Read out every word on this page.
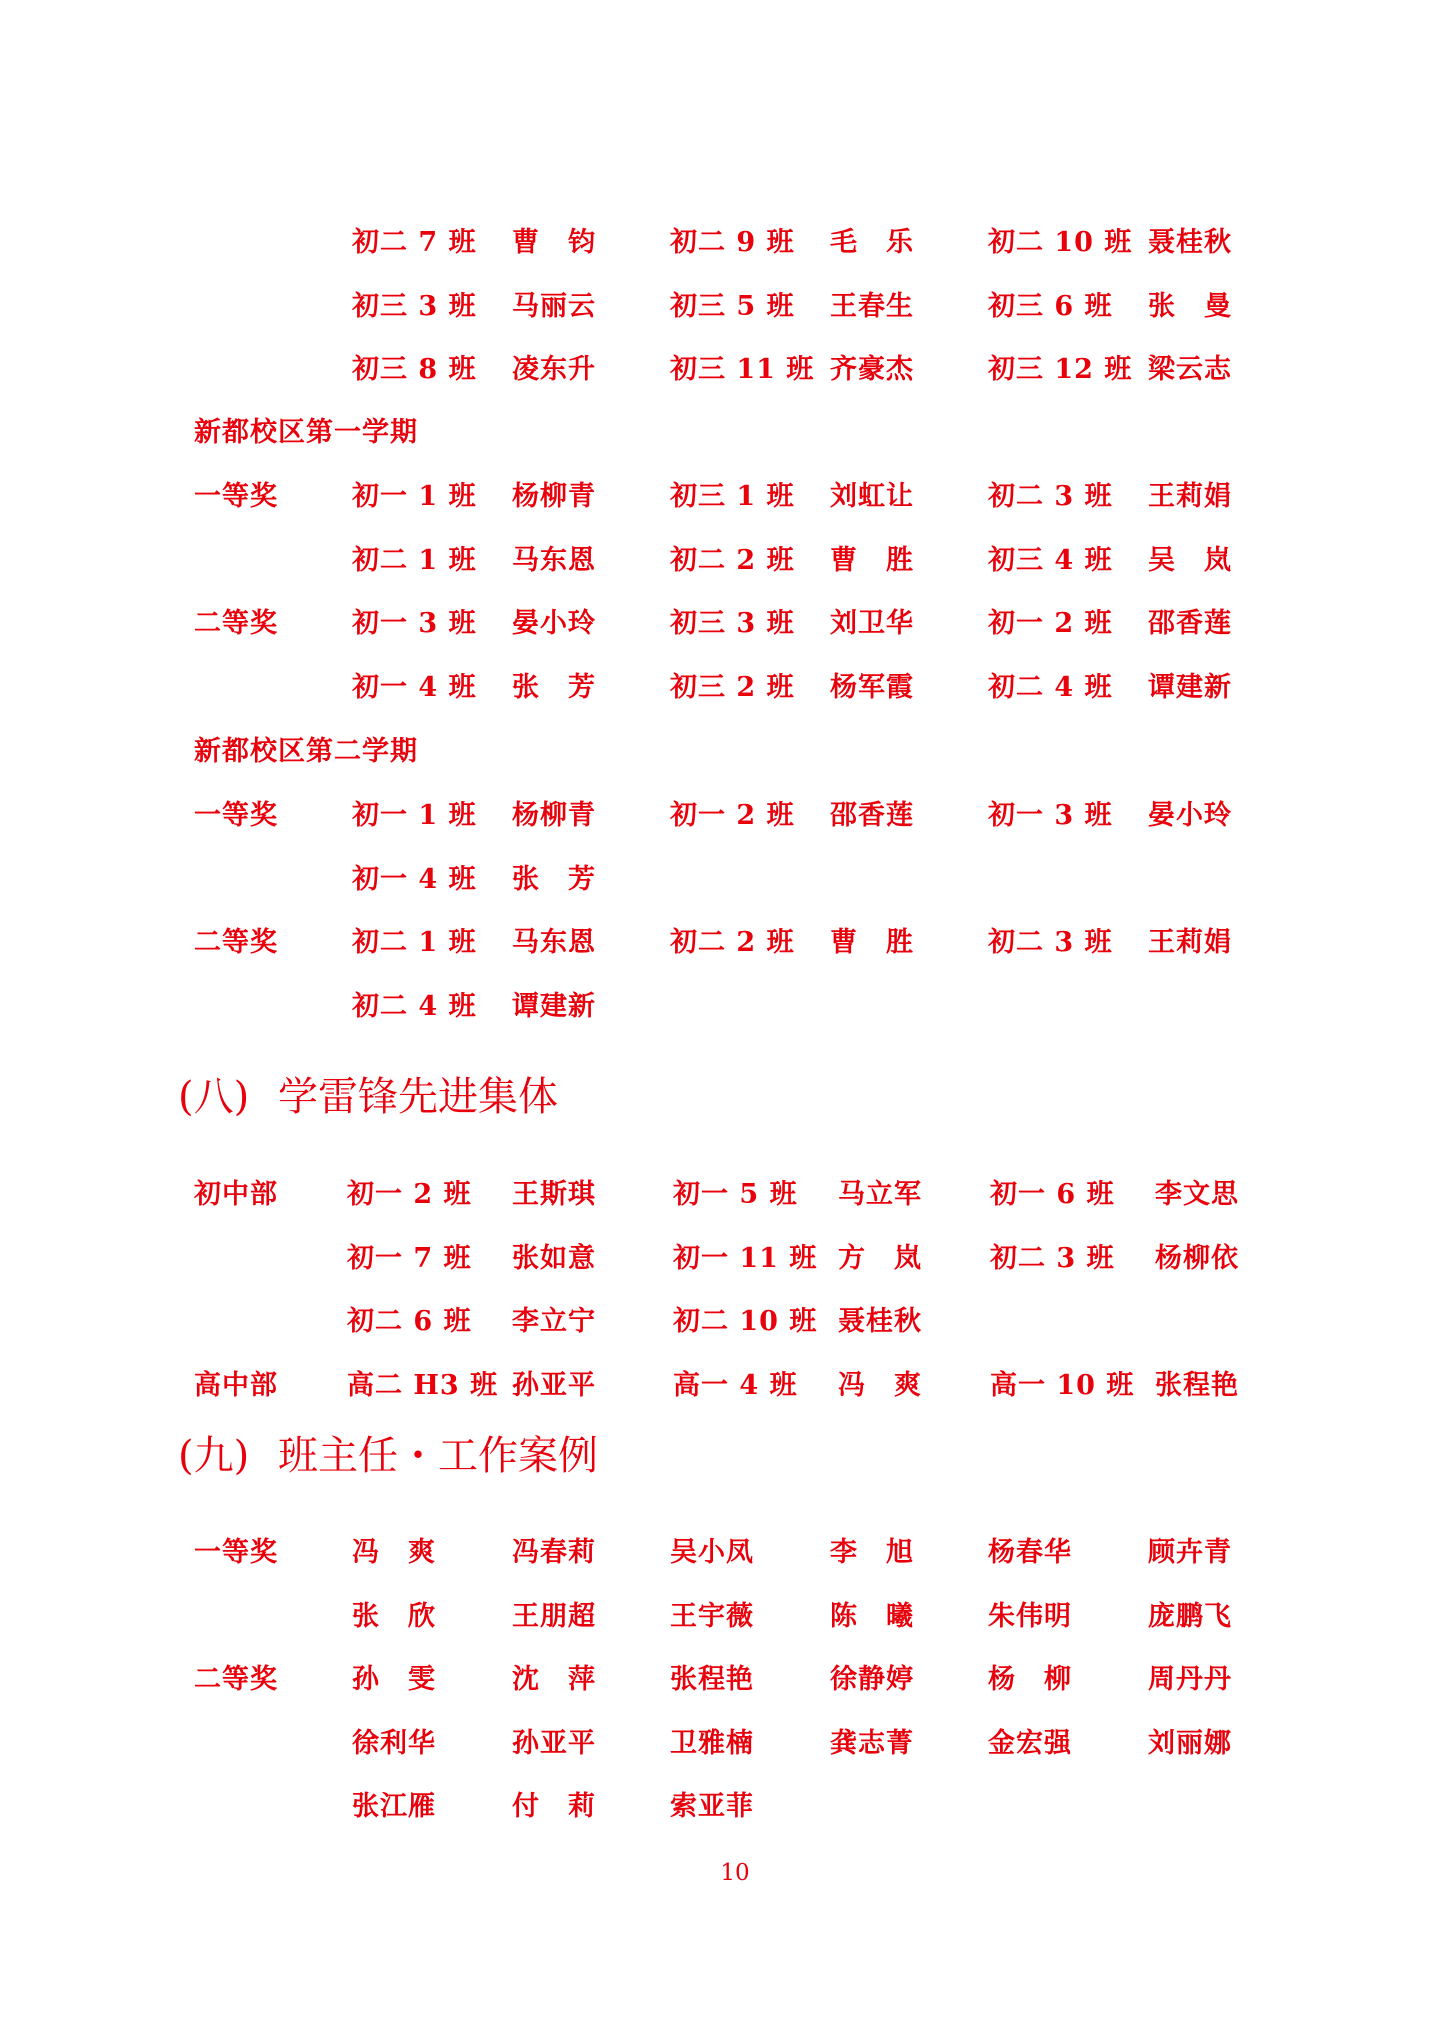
初二 7 班 曹　钧	初二 9 班 毛　乐	初二 10 班 聂桂秋
初三 3 班 马丽云	初三 5 班 王春生	初三 6 班 张　曼
初三 8 班 凌东升	初三 11 班 齐豪杰	初三 12 班 梁云志
新都校区第一学期
一等奖	初一 1 班 杨柳青	初三 1 班 刘虹让	初二 3 班 王莉娟
初二 1 班 马东恩	初二 2 班 曹　胜	初三 4 班 吴　岚
二等奖	初一 3 班 晏小玲	初三 3 班 刘卫华	初一 2 班 邵香莲
初一 4 班 张　芳	初三 2 班 杨军霞	初二 4 班 谭建新
新都校区第二学期
一等奖	初一 1 班 杨柳青	初一 2 班 邵香莲	初一 3 班 晏小玲
初一 4 班 张　芳
二等奖	初二 1 班 马东恩	初二 2 班 曹　胜	初二 3 班 王莉娟
初二 4 班 谭建新
(八) 学雷锋先进集体
初中部	初一 2 班 王斯琪	初一 5 班 马立军	初一 6 班 李文思
初一 7 班 张如意	初一 11 班 方　岚	初二 3 班 杨柳依
初二 6 班 李立宁	初二 10 班 聂桂秋
高中部	高二 H3 班 孙亚平	高一 4 班 冯　爽	高一 10 班 张程艳
(九) 班主任・工作案例
一等奖	冯　爽	冯春莉	吴小凤	李　旭	杨春华	顾卉青
张　欣	王朋超	王宇薇	陈　曦	朱伟明	庞鹏飞
二等奖	孙　雯	沈　萍	张程艳	徐静婷	杨　柳	周丹丹
徐利华	孙亚平	卫雅楠	龚志菁	金宏强	刘丽娜
张江雁	付　莉	索亚菲
10
